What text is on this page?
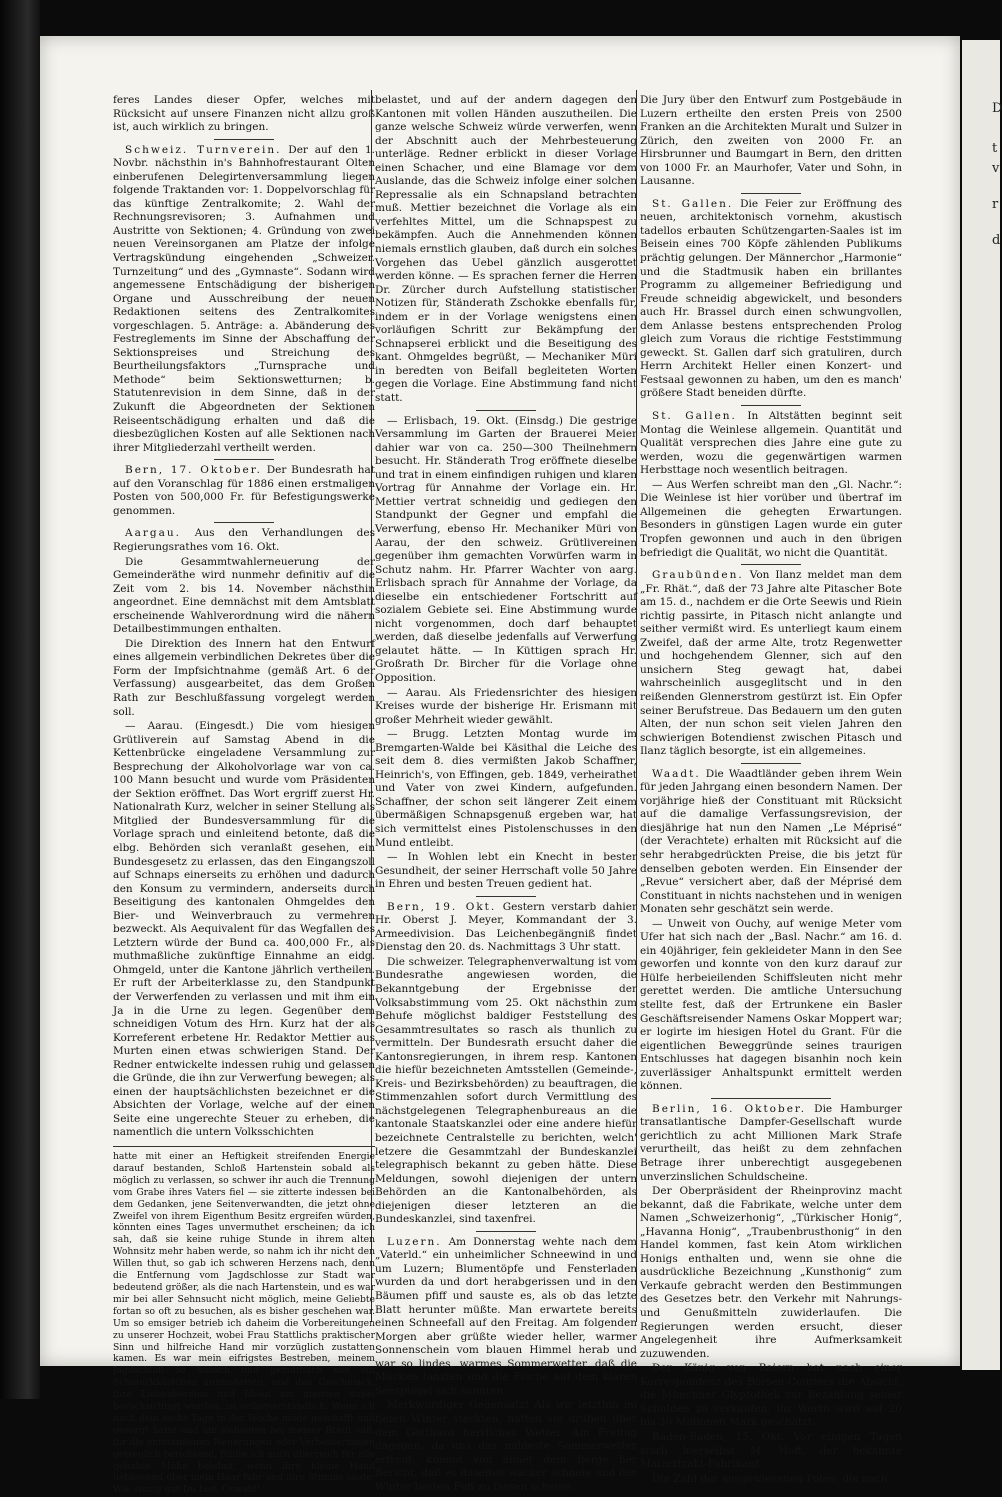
D
t
v
r
d

feres Landes dieser Opfer, welches mit Rücksicht auf unsere Finanzen nicht allzu groß ist, auch wirklich zu bringen.

Schweiz. Turnverein. Der auf den 1. Novbr. nächsthin in's Bahnhofrestaurant Olten einberufenen Delegirtenversammlung liegen folgende Traktanden vor: 1. Doppelvorschlag für das künftige Zentralkomite; 2. Wahl der Rechnungsrevisoren; 3. Aufnahmen und Austritte von Sektionen; 4. Gründung von zwei neuen Vereinsorganen am Platze der infolge Vertragskündung eingehenden „Schweizer. Turnzeitung“ und des „Gymnaste“. Sodann wird angemessene Entschädigung der bisherigen Organe und Ausschreibung der neuen Redaktionen seitens des Zentralkomites vorgeschlagen. 5. Anträge: a. Abänderung des Festreglements im Sinne der Abschaffung der Sektionspreises und Streichung des Beurtheilungsfaktors „Turnsprache und Methode“ beim Sektionswetturnen; b. Statutenrevision in dem Sinne, daß in der Zukunft die Abgeordneten der Sektionen Reiseentschädigung erhalten und daß die diesbezüglichen Kosten auf alle Sektionen nach ihrer Mitgliederzahl vertheilt werden.

Bern, 17. Oktober. Der Bundesrath hat auf den Voranschlag für 1886 einen erstmaligen Posten von 500,000 Fr. für Befestigungswerke genommen.

Aargau. Aus den Verhandlungen des Regierungsrathes vom 16. Okt.

Die Gesammtwahlerneuerung der Gemeinderäthe wird nunmehr definitiv auf die Zeit vom 2. bis 14. November nächsthin angeordnet. Eine demnächst mit dem Amtsblatt erscheinende Wahlverordnung wird die nähern Detailbestimmungen enthalten.

Die Direktion des Innern hat den Entwurf eines allgemein verbindlichen Dekretes über die Form der Impfsichtnahme (gemäß Art. 6 der Verfassung) ausgearbeitet, das dem Großen Rath zur Beschlußfassung vorgelegt werden soll.

— Aarau. (Eingesdt.) Die vom hiesigen Grütliverein auf Samstag Abend in die Kettenbrücke eingeladene Versammlung zur Besprechung der Alkoholvorlage war von ca. 100 Mann besucht und wurde vom Präsidenten der Sektion eröffnet. Das Wort ergriff zuerst Hr. Nationalrath Kurz, welcher in seiner Stellung als Mitglied der Bundesversammlung für die Vorlage sprach und einleitend betonte, daß die elbg. Behörden sich veranlaßt gesehen, ein Bundesgesetz zu erlassen, das den Eingangszoll auf Schnaps einerseits zu erhöhen und dadurch den Konsum zu vermindern, anderseits durch Beseitigung des kantonalen Ohmgeldes den Bier- und Weinverbrauch zu vermehren bezweckt. Als Aequivalent für das Wegfallen des Letztern würde der Bund ca. 400,000 Fr., als muthmaßliche zukünftige Einnahme an eidg. Ohmgeld, unter die Kantone jährlich vertheilen. Er ruft der Arbeiterklasse zu, den Standpunkt der Verwerfenden zu verlassen und mit ihm ein Ja in die Urne zu legen. Gegenüber dem schneidigen Votum des Hrn. Kurz hat der als Korreferent erbetene Hr. Redaktor Mettier aus Murten einen etwas schwierigen Stand. Der Redner entwickelte indessen ruhig und gelassen die Gründe, die ihn zur Verwerfung bewegen; als einen der hauptsächlichsten bezeichnet er die Absichten der Vorlage, welche auf der einen Seite eine ungerechte Steuer zu erheben, die namentlich die untern Volksschichten

hatte mit einer an Heftigkeit streifenden Energie darauf bestanden, Schloß Hartenstein sobald als möglich zu verlassen, so schwer ihr auch die Trennung vom Grabe ihres Vaters fiel — sie zitterte indessen bei dem Gedanken, jene Seitenverwandten, die jetzt ohne Zweifel von ihrem Eigenthum Besitz ergreifen würden, könnten eines Tages unvermuthet erscheinen; da ich sah, daß sie keine ruhige Stunde in ihrem alten Wohnsitz mehr haben werde, so nahm ich ihr nicht den Willen thut, so gab ich schweren Herzens nach, denn die Entfernung vom Jagdschlosse zur Stadt war bedeutend größer, als die nach Hartenstein, und es war mir bei aller Sehnsucht nicht möglich, meine Geliebte fortan so oft zu besuchen, als es bisher geschehen war. Um so emsiger betrieb ich daheim die Vorbereitungen zu unserer Hochzeit, wobei Frau Stattlichs praktischer Sinn und hilfreiche Hand mir vorzüglich zustatten kamen. Es war mein eifrigstes Bestreben, meinem Jagdschloß so hübsch und gemüthlich wie ein Schmuckkästchen auszustatten, und den Geschmack, ihre Liebhabereien und Ideen am meisten dabei berücksichtigt wurden, ist selbstverständlich. Wenn ich nach dem sechs Tage in der Woche müde geschafft und gesorgt hatte und am siebenten bei meiner Braut saß, ihr die entstandenen Neuerungen oder Verbesserungen getreulich berichtend, fühlte ich mich überreich für alle gehabte Mühe belohnt, wenn ihre kleine Hand liebkosend über mein Haar fuhr und ihre Stimme sagte: Wie einzig gut Du bist, Oswald!

belastet, und auf der andern dagegen den Kantonen mit vollen Händen auszutheilen. Die ganze welsche Schweiz würde verwerfen, wenn der Abschnitt auch der Mehrbesteuerung unterläge. Redner erblickt in dieser Vorlage einen Schacher, und eine Blamage vor dem Auslande, das die Schweiz infolge einer solchen Repressalie als ein Schnapsland betrachten muß. Mettier bezeichnet die Vorlage als ein verfehltes Mittel, um die Schnapspest zu bekämpfen. Auch die Annehmenden können niemals ernstlich glauben, daß durch ein solches Vorgehen das Uebel gänzlich ausgerottet werden könne. — Es sprachen ferner die Herren Dr. Zürcher durch Aufstellung statistischer Notizen für, Ständerath Zschokke ebenfalls für, indem er in der Vorlage wenigstens einen vorläufigen Schritt zur Bekämpfung der Schnapserei erblickt und die Beseitigung des kant. Ohmgeldes begrüßt, — Mechaniker Müri in beredten von Beifall begleiteten Worten gegen die Vorlage. Eine Abstimmung fand nicht statt.

— Erlisbach, 19. Okt. (Einsdg.) Die gestrige Versammlung im Garten der Brauerei Meier dahier war von ca. 250—300 Theilnehmern besucht. Hr. Ständerath Trog eröffnete dieselbe und trat in einem einfindigen ruhigen und klaren Vortrag für Annahme der Vorlage ein. Hr. Mettier vertrat schneidig und gediegen den Standpunkt der Gegner und empfahl die Verwerfung, ebenso Hr. Mechaniker Müri von Aarau, der den schweiz. Grütlivereinen gegenüber ihm gemachten Vorwürfen warm in Schutz nahm. Hr. Pfarrer Wachter von aarg. Erlisbach sprach für Annahme der Vorlage, da dieselbe ein entschiedener Fortschritt auf sozialem Gebiete sei. Eine Abstimmung wurde nicht vorgenommen, doch darf behauptet werden, daß dieselbe jedenfalls auf Verwerfung gelautet hätte. — In Küttigen sprach Hr. Großrath Dr. Bircher für die Vorlage ohne Opposition.

— Aarau. Als Friedensrichter des hiesigen Kreises wurde der bisherige Hr. Erismann mit großer Mehrheit wieder gewählt.

— Brugg. Letzten Montag wurde im Bremgarten-Walde bei Käsithal die Leiche des seit dem 8. dies vermißten Jakob Schaffner, Heinrich's, von Effingen, geb. 1849, verheirathet und Vater von zwei Kindern, aufgefunden. Schaffner, der schon seit längerer Zeit einem übermäßigen Schnapsgenuß ergeben war, hat sich vermittelst eines Pistolenschusses in den Mund entleibt.

— In Wohlen lebt ein Knecht in bester Gesundheit, der seiner Herrschaft volle 50 Jahre in Ehren und besten Treuen gedient hat.

Bern, 19. Okt. Gestern verstarb dahier Hr. Oberst J. Meyer, Kommandant der 3. Armeedivision. Das Leichenbegängniß findet Dienstag den 20. ds. Nachmittags 3 Uhr statt.

Die schweizer. Telegraphenverwaltung ist vom Bundesrathe angewiesen worden, die Bekanntgebung der Ergebnisse der Volksabstimmung vom 25. Okt nächsthin zum Behufe möglichst baldiger Feststellung des Gesammtresultates so rasch als thunlich zu vermitteln. Der Bundesrath ersucht daher die Kantonsregierungen, in ihrem resp. Kantonen die hiefür bezeichneten Amtsstellen (Gemeinde-, Kreis- und Bezirksbehörden) zu beauftragen, die Stimmenzahlen sofort durch Vermittlung des nächstgelegenen Telegraphenbureaus an die kantonale Staatskanzlei oder eine andere hiefür bezeichnete Centralstelle zu berichten, welch' letzere die Gesammtzahl der Bundeskanzlei telegraphisch bekannt zu geben hätte. Diese Meldungen, sowohl diejenigen der untern Behörden an die Kantonalbehörden, als diejenigen dieser letzteren an die Bundeskanzlei, sind taxenfrei.

Luzern. Am Donnerstag wehte nach dem „Vaterld.“ ein unheimlicher Schneewind in und um Luzern; Blumentöpfe und Fensterladen wurden da und dort herabgerissen und in den Bäumen pfiff und sauste es, als ob das letzte Blatt herunter müßte. Man erwartete bereits einen Schneefall auf den Freitag. Am folgenden Morgen aber grüßte wieder heller, warmer Sonnenschein vom blauen Himmel herab und war so lindes, warmes Sommerwetter, daß die Mücken tanzten und die Fische auf dem klaren Seespiegel sich sonnten.

Merkwürdiger Gegensatz! Als wir letzthin im tiefen Winter steckten, hatten sie drüben über dem Gotthard herrliches Wetter. Am Freitag dagegen, da uns das mildeste Sommerwetter erfreut, kommt von ännet dem Berge her Bericht, daß es daselbst wacker schneie und der Winter besten Fuß zu fassen scheine.

Die Jury über den Entwurf zum Postgebäude in Luzern ertheilte den ersten Preis von 2500 Franken an die Architekten Muralt und Sulzer in Zürich, den zweiten von 2000 Fr. an Hirsbrunner und Baumgart in Bern, den dritten von 1000 Fr. an Maurhofer, Vater und Sohn, in Lausanne.

St. Gallen. Die Feier zur Eröffnung des neuen, architektonisch vornehm, akustisch tadellos erbauten Schützengarten-Saales ist im Beisein eines 700 Köpfe zählenden Publikums prächtig gelungen. Der Männerchor „Harmonie“ und die Stadtmusik haben ein brillantes Programm zu allgemeiner Befriedigung und Freude schneidig abgewickelt, und besonders auch Hr. Brassel durch einen schwungvollen, dem Anlasse bestens entsprechenden Prolog gleich zum Voraus die richtige Feststimmung geweckt. St. Gallen darf sich gratuliren, durch Herrn Architekt Heller einen Konzert- und Festsaal gewonnen zu haben, um den es manch' größere Stadt beneiden dürfte.

St. Gallen. In Altstätten beginnt seit Montag die Weinlese allgemein. Quantität und Qualität versprechen dies Jahre eine gute zu werden, wozu die gegenwärtigen warmen Herbsttage noch wesentlich beitragen.

— Aus Werfen schreibt man den „Gl. Nachr.“: Die Weinlese ist hier vorüber und übertraf im Allgemeinen die gehegten Erwartungen. Besonders in günstigen Lagen wurde ein guter Tropfen gewonnen und auch in den übrigen befriedigt die Qualität, wo nicht die Quantität.

Graubünden. Von Ilanz meldet man dem „Fr. Rhät.“, daß der 73 Jahre alte Pitascher Bote am 15. d., nachdem er die Orte Seewis und Riein richtig passirte, in Pitasch nicht anlangte und seither vermißt wird. Es unterliegt kaum einem Zweifel, daß der arme Alte, trotz Regenwetter und hochgehendem Glenner, sich auf den unsichern Steg gewagt hat, dabei wahrscheinlich ausgeglitscht und in den reißenden Glennerstrom gestürzt ist. Ein Opfer seiner Berufstreue. Das Bedauern um den guten Alten, der nun schon seit vielen Jahren den schwierigen Botendienst zwischen Pitasch und Ilanz täglich besorgte, ist ein allgemeines.

Waadt. Die Waadtländer geben ihrem Wein für jeden Jahrgang einen besondern Namen. Der vorjährige hieß der Constituant mit Rücksicht auf die damalige Verfassungsrevision, der diesjährige hat nun den Namen „Le Méprisé“ (der Verachtete) erhalten mit Rücksicht auf die sehr herabgedrückten Preise, die bis jetzt für denselben geboten werden. Ein Einsender der „Revue“ versichert aber, daß der Méprisé dem Constituant in nichts nachstehen und in wenigen Monaten sehr geschätzt sein werde.

— Unweit von Ouchy, auf wenige Meter vom Ufer hat sich nach der „Basl. Nachr.“ am 16. d. ein 40jähriger, fein gekleideter Mann in den See geworfen und konnte von den kurz darauf zur Hülfe herbeieilenden Schiffsleuten nicht mehr gerettet werden. Die amtliche Untersuchung stellte fest, daß der Ertrunkene ein Basler Geschäftsreisender Namens Oskar Moppert war; er logirte im hiesigen Hotel du Grant. Für die eigentlichen Beweggründe seines traurigen Entschlusses hat dagegen bisanhin noch kein zuverlässiger Anhaltspunkt ermittelt werden können.

Berlin, 16. Oktober. Die Hamburger transatlantische Dampfer-Gesellschaft wurde gerichtlich zu acht Millionen Mark Strafe verurtheilt, das heißt zu dem zehnfachen Betrage ihrer unberechtigt ausgegebenen unverzinslichen Schuldscheine.

Der Oberpräsident der Rheinprovinz macht bekannt, daß die Fabrikate, welche unter dem Namen „Schweizerhonig“, „Türkischer Honig“, „Havanna Honig“, „Traubenbrusthonig“ in den Handel kommen, fast kein Atom wirklichen Honigs enthalten und, wenn sie ohne die ausdrückliche Bezeichnung „Kunsthonig“ zum Verkaufe gebracht werden den Bestimmungen des Gesetzes betr. den Verkehr mit Nahrungs- und Genußmitteln zuwiderlaufen. Die Regierungen werden ersucht, dieser Angelegenheit ihre Aufmerksamkeit zuzuwenden.

Der König von Baiern hat nach einer Korrespondenz des Börsen-Couriers die Absicht, die Münchner Glyptothek zur Bezahlung seiner Schulden zu verkaufen; ihr Werth wird auf 20 bis 30 Millionen Mark geschätzt.

Baden-Baden, 15. Okt. Vor einigen Tagen starb hierselbst M. Hoff, der bekannte Malzextrakt-Fabrikant.

Die Zahl der ausgewiesenen Polen, die nach
